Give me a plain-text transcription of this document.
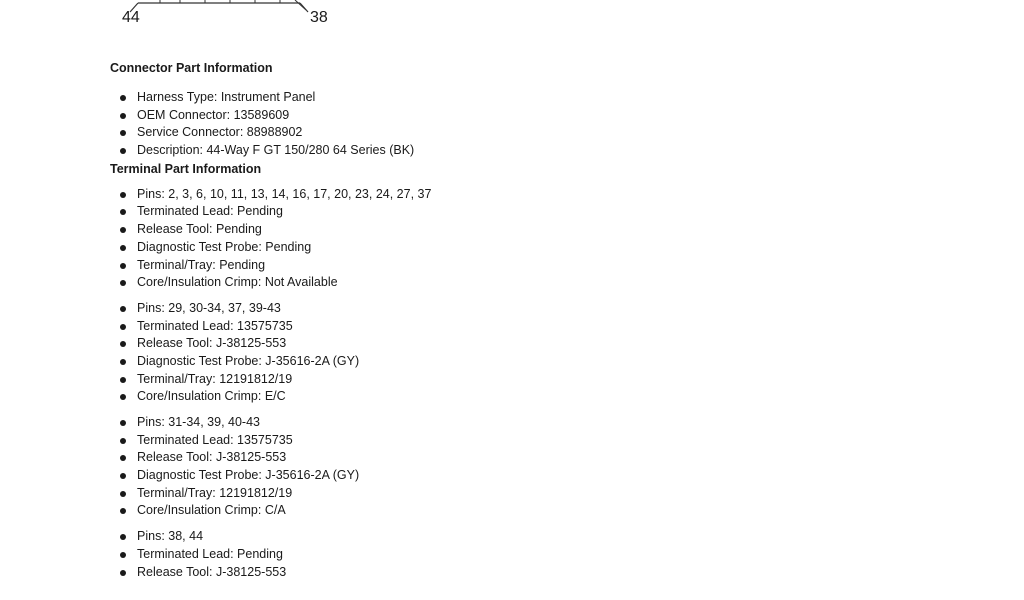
44	38
Connector Part Information
Harness Type: Instrument Panel
OEM Connector: 13589609
Service Connector: 88988902
Description: 44-Way F GT 150/280 64 Series (BK)
Terminal Part Information
Pins: 2, 3, 6, 10, 11, 13, 14, 16, 17, 20, 23, 24, 27, 37
Terminated Lead: Pending
Release Tool: Pending
Diagnostic Test Probe: Pending
Terminal/Tray: Pending
Core/Insulation Crimp: Not Available
Pins: 29, 30-34, 37, 39-43
Terminated Lead: 13575735
Release Tool: J-38125-553
Diagnostic Test Probe: J-35616-2A (GY)
Terminal/Tray: 12191812/19
Core/Insulation Crimp: E/C
Pins: 31-34, 39, 40-43
Terminated Lead: 13575735
Release Tool: J-38125-553
Diagnostic Test Probe: J-35616-2A (GY)
Terminal/Tray: 12191812/19
Core/Insulation Crimp: C/A
Pins: 38, 44
Terminated Lead: Pending
Release Tool: J-38125-553
